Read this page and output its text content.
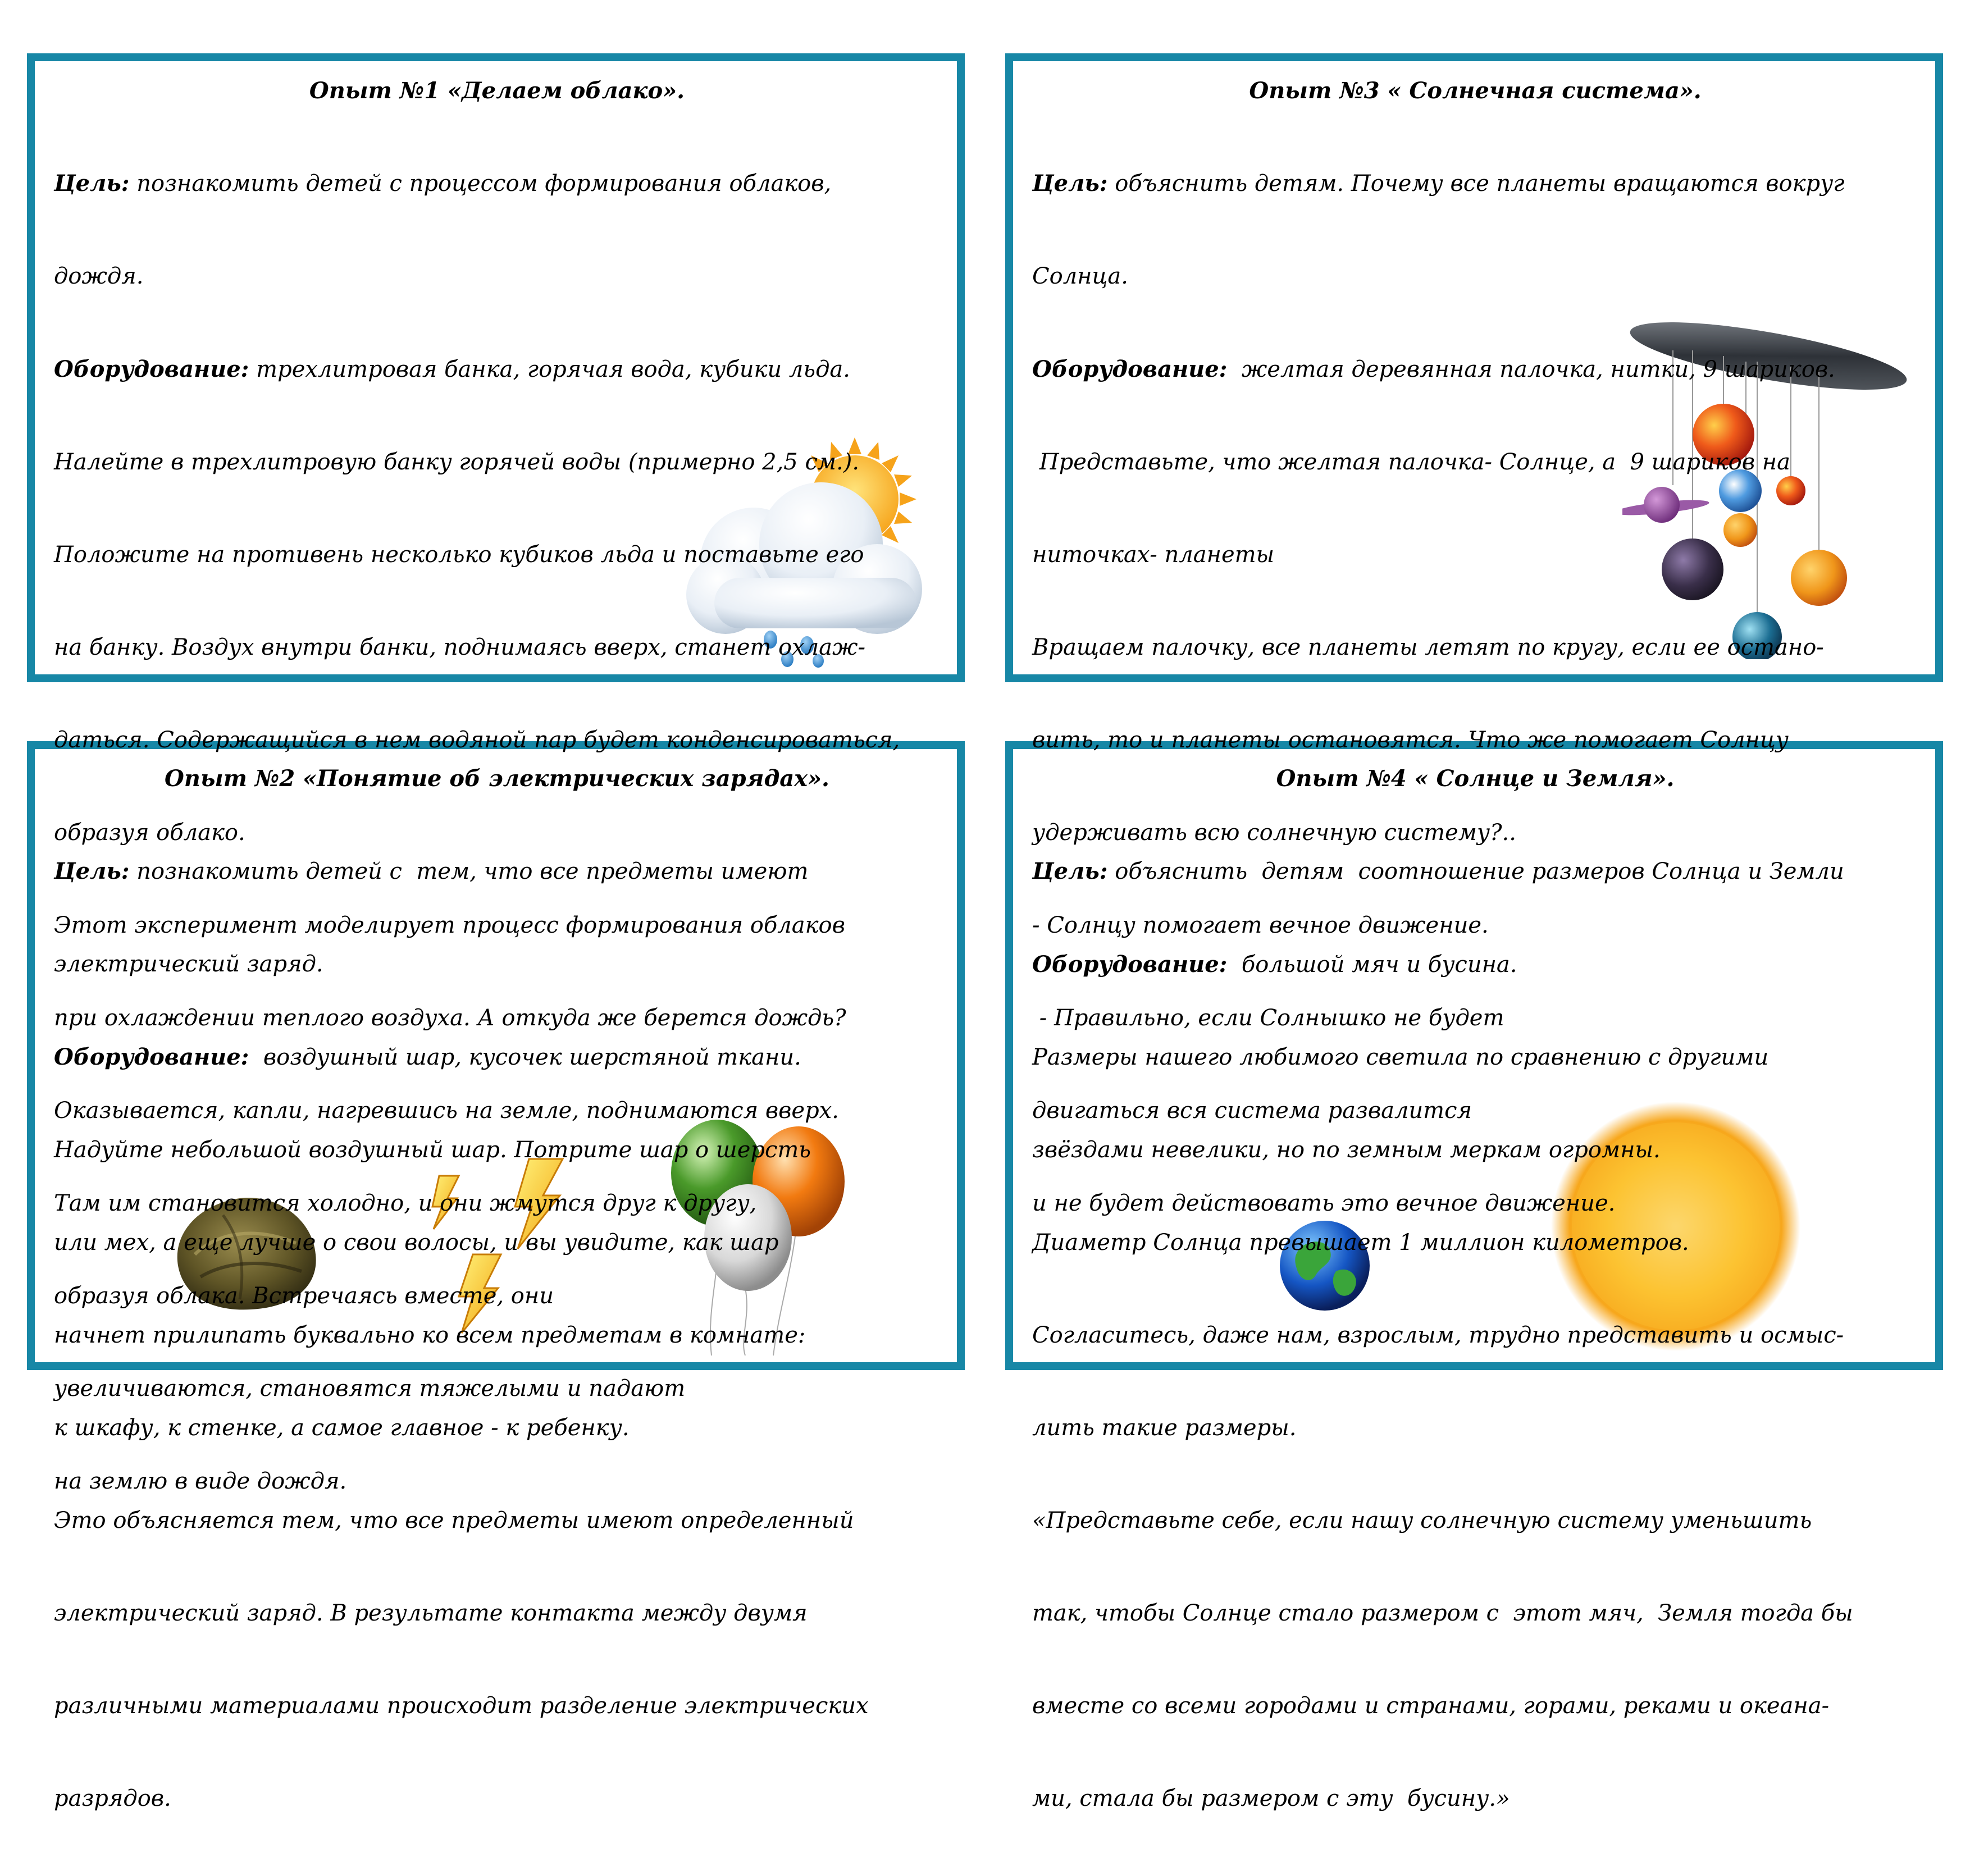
Опыт №1 «Делаем облако».

Цель: познакомить детей с процессом формирования облаков,

дождя.

Оборудование: трехлитровая банка, горячая вода, кубики льда.

Налейте в трехлитровую банку горячей воды (примерно 2,5 см.).

Положите на противень несколько кубиков льда и поставьте его

на банку. Воздух внутри банки, поднимаясь вверх, станет охлаж-

даться. Содержащийся в нем водяной пар будет конденсироваться,

образуя облако.

Этот эксперимент моделирует процесс формирования облаков

при охлаждении теплого воздуха. А откуда же берется дождь?

Оказывается, капли, нагревшись на земле, поднимаются вверх.

Там им становится холодно, и они жмутся друг к другу,

образуя облака. Встречаясь вместе, они

увеличиваются, становятся тяжелыми и падают

на землю в виде дождя.

Опыт №3 « Солнечная система».

Цель: объяснить детям. Почему все планеты вращаются вокруг

Солнца.

Оборудование:  желтая деревянная палочка, нитки, 9 шариков.

Представьте, что желтая палочка- Солнце, а  9 шариков на

ниточках- планеты

Вращаем палочку, все планеты летят по кругу, если ее остано-

вить, то и планеты остановятся. Что же помогает Солнцу

удерживать всю солнечную систему?..

- Солнцу помогает вечное движение.

- Правильно, если Солнышко не будет

двигаться вся система развалится

и не будет действовать это вечное движение.

Опыт №2 «Понятие об электрических зарядах».

Цель: познакомить детей с  тем, что все предметы имеют

электрический заряд.

Оборудование:  воздушный шар, кусочек шерстяной ткани.

Надуйте небольшой воздушный шар. Потрите шар о шерсть

или мех, а еще лучше о свои волосы, и вы увидите, как шар

начнет прилипать буквально ко всем предметам в комнате:

к шкафу, к стенке, а самое главное - к ребенку.

Это объясняется тем, что все предметы имеют определенный

электрический заряд. В результате контакта между двумя

различными материалами происходит разделение электрических

разрядов.

Опыт №4 « Солнце и Земля».

Цель: объяснить  детям  соотношение размеров Солнца и Земли

Оборудование:  большой мяч и бусина.

Размеры нашего любимого светила по сравнению с другими

звёздами невелики, но по земным меркам огромны.

Диаметр Солнца превышает 1 миллион километров.

Согласитесь, даже нам, взрослым, трудно представить и осмыс-

лить такие размеры.

«Представьте себе, если нашу солнечную систему уменьшить

так, чтобы Солнце стало размером с  этот мяч,  Земля тогда бы

вместе со всеми городами и странами, горами, реками и океана-

ми, стала бы размером с эту  бусину.»
